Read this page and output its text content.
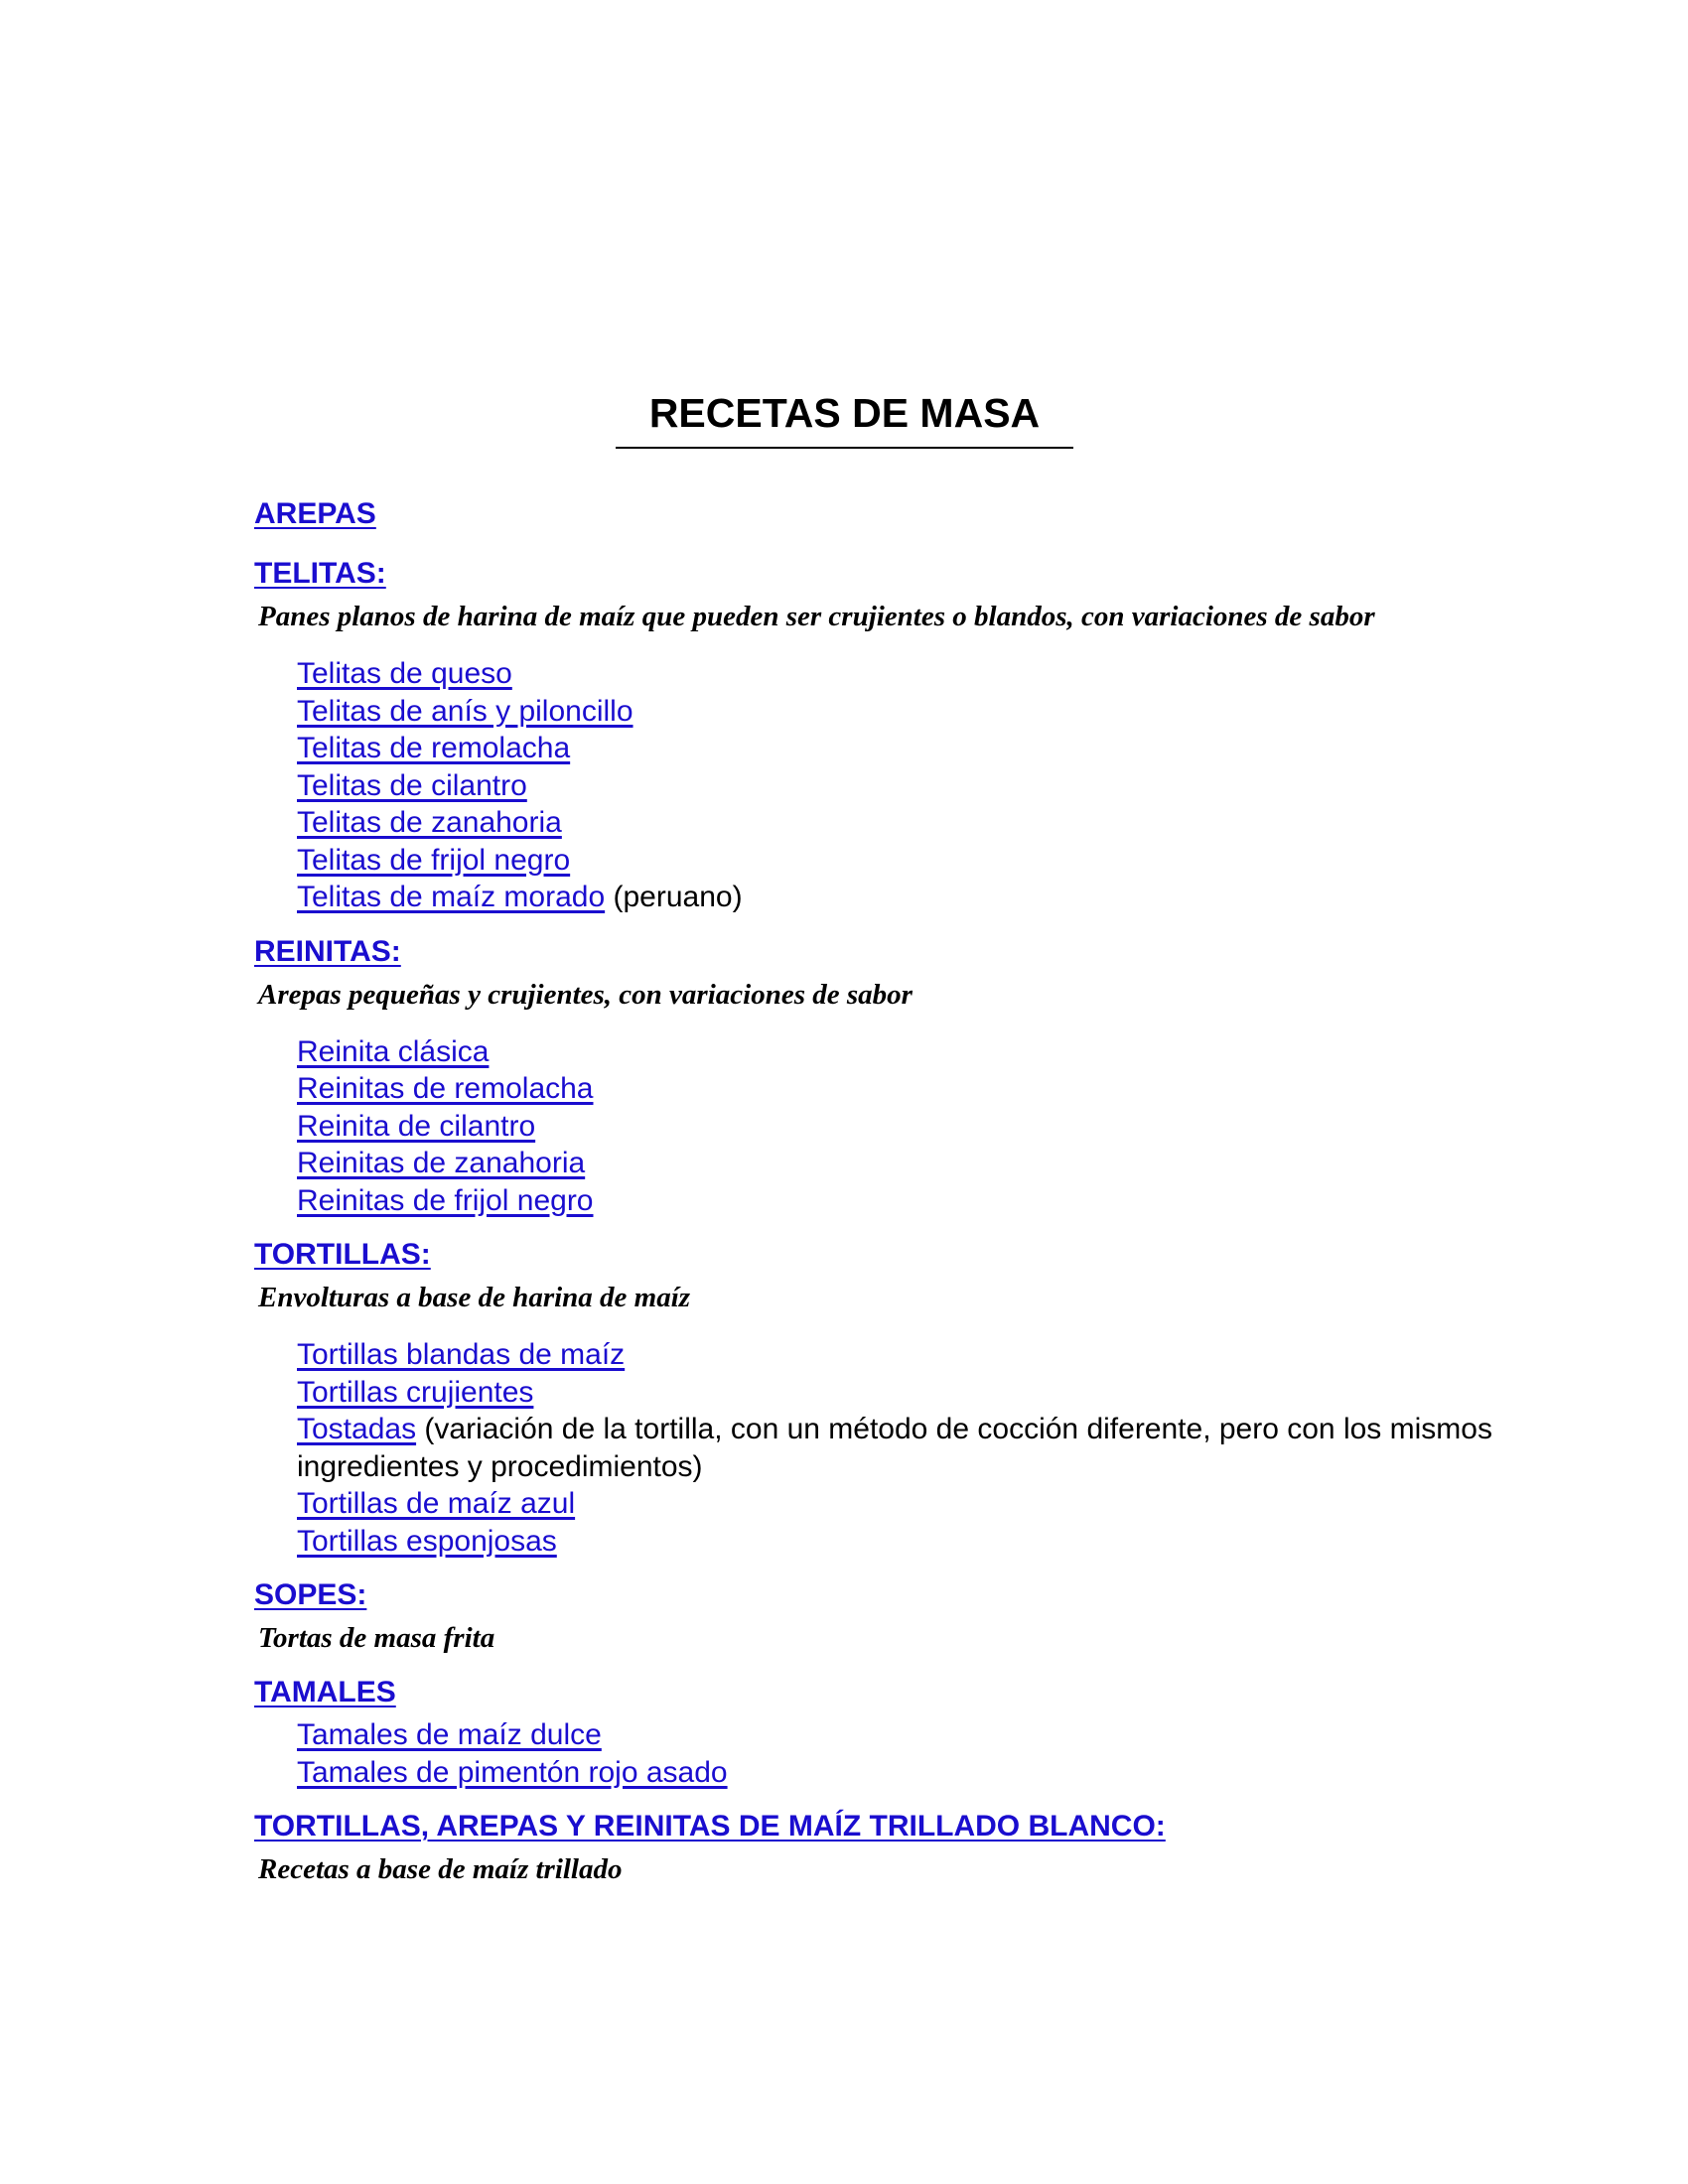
RECETAS DE MASA
AREPAS
TELITAS:
Panes planos de harina de maíz que pueden ser crujientes o blandos, con variaciones de sabor
Telitas de queso
Telitas de anís y piloncillo
Telitas de remolacha
Telitas de cilantro
Telitas de zanahoria
Telitas de frijol negro
Telitas de maíz morado (peruano)
REINITAS:
Arepas pequeñas y crujientes, con variaciones de sabor
Reinita clásica
Reinitas de remolacha
Reinita de cilantro
Reinitas de zanahoria
Reinitas de frijol negro
TORTILLAS:
Envolturas a base de harina de maíz
Tortillas blandas de maíz
Tortillas crujientes
Tostadas (variación de la tortilla, con un método de cocción diferente, pero con los mismos ingredientes y procedimientos)
Tortillas de maíz azul
Tortillas esponjosas
SOPES:
Tortas de masa frita
TAMALES
Tamales de maíz dulce
Tamales de pimentón rojo asado
TORTILLAS, AREPAS Y REINITAS DE MAÍZ TRILLADO BLANCO:
Recetas a base de maíz trillado
